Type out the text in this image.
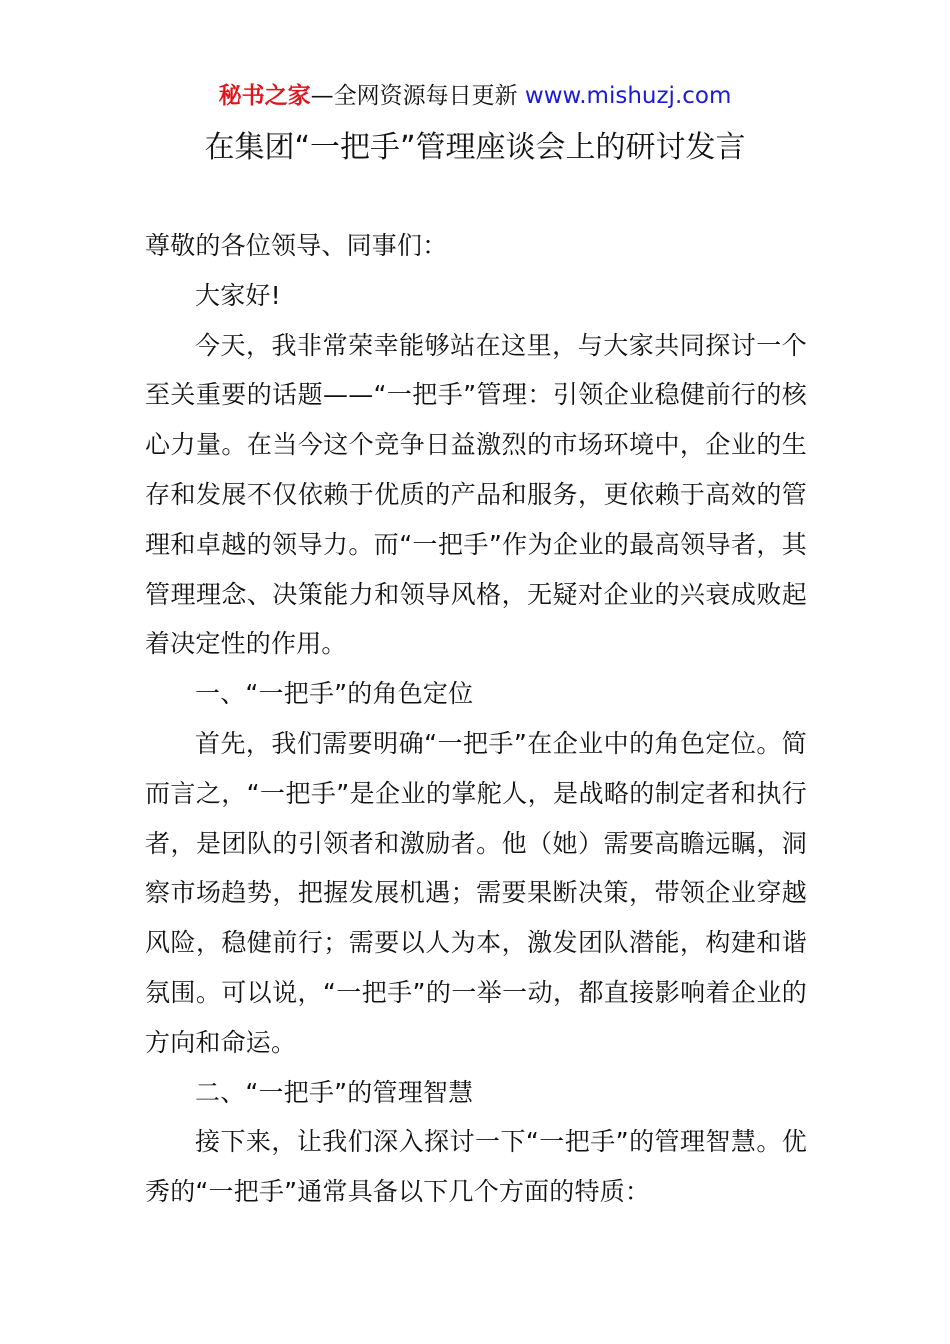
秘书之家—全网资源每日更新 www.mishuzj.com
在集团“一把手”管理座谈会上的研讨发言

尊敬的各位领导、同事们：

大家好!

今天，我非常荣幸能够站在这里，与大家共同探讨一个至关重要的话题——“一把手”管理：引领企业稳健前行的核心力量。在当今这个竞争日益激烈的市场环境中，企业的生存和发展不仅依赖于优质的产品和服务，更依赖于高效的管理和卓越的领导力。而“一把手”作为企业的最高领导者，其管理理念、决策能力和领导风格，无疑对企业的兴衰成败起着决定性的作用。

一、“一把手”的角色定位

首先，我们需要明确“一把手”在企业中的角色定位。简而言之，“一把手”是企业的掌舵人，是战略的制定者和执行者，是团队的引领者和激励者。他（她）需要高瞻远瞩，洞察市场趋势，把握发展机遇；需要果断决策，带领企业穿越风险，稳健前行；需要以人为本，激发团队潜能，构建和谐氛围。可以说，“一把手”的一举一动，都直接影响着企业的方向和命运。

二、“一把手”的管理智慧

接下来，让我们深入探讨一下“一把手”的管理智慧。优秀的“一把手”通常具备以下几个方面的特质：
